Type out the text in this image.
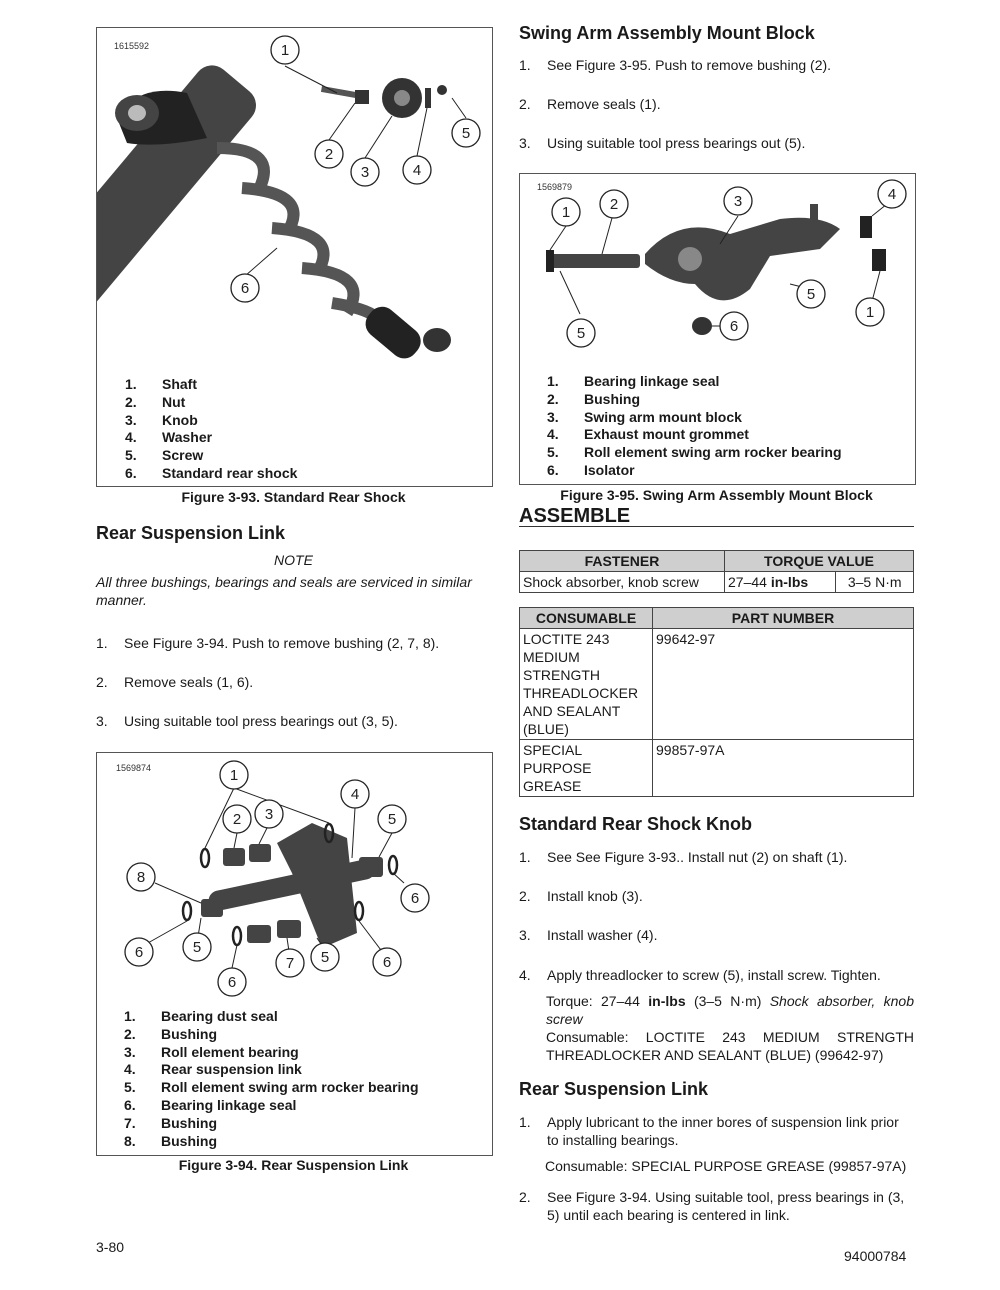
1615592	1
2
3	4
5
6
1.	Shaft
2.	Nut
3.	Knob
4.	Washer
5.	Screw
6.	Standard rear shock
Figure 3-93. Standard Rear Shock
Rear Suspension Link
NOTE
All three bushings, bearings and seals are serviced in similar manner.
1.	See Figure 3-94. Push to remove bushing (2, 7, 8).
2.	Remove seals (1, 6).
3.	Using suitable tool press bearings out (3, 5).
1569874	1
2 3
4
5
8
6
6	5
6
7 5	6
1.	Bearing dust seal
2.	Bushing
3.	Roll element bearing
4.	Rear suspension link
5.	Roll element swing arm rocker bearing
6.	Bearing linkage seal
7.	Bushing
8.	Bushing
Figure 3-94. Rear Suspension Link
3-80
Swing Arm Assembly Mount Block
1.	See Figure 3-95. Push to remove bushing (2).
2.	Remove seals (1).
3.	Using suitable tool press bearings out (5).
1569879
1	2	3	4
5
1
5	6
1.	Bearing linkage seal
2.	Bushing
3.	Swing arm mount block
4.	Exhaust mount grommet
5.	Roll element swing arm rocker bearing
6.	Isolator
Figure 3-95. Swing Arm Assembly Mount Block
ASSEMBLE
FASTENER	TORQUE VALUE	
Shock absorber, knob screw	27–44 in-lbs	3–5 N·m
CONSUMABLE	PART NUMBER
LOCTITE 243 MEDIUM STRENGTH THREADLOCKER AND SEALANT (BLUE)	99642-97
SPECIAL PURPOSE GREASE	99857-97A
Standard Rear Shock Knob
1.	See See Figure 3-93.. Install nut (2) on shaft (1).
2.	Install knob (3).
3.	Install washer (4).
4.	Apply threadlocker to screw (5), install screw. Tighten.
Torque: 27–44 in-lbs (3–5 N·m) Shock absorber, knob screw
Consumable: LOCTITE 243 MEDIUM STRENGTH THREADLOCKER AND SEALANT (BLUE) (99642-97)
Rear Suspension Link
1.	Apply lubricant to the inner bores of suspension link prior to installing bearings.
Consumable: SPECIAL PURPOSE GREASE (99857-97A)
2.	See Figure 3-94. Using suitable tool, press bearings in (3, 5) until each bearing is centered in link.
94000784
